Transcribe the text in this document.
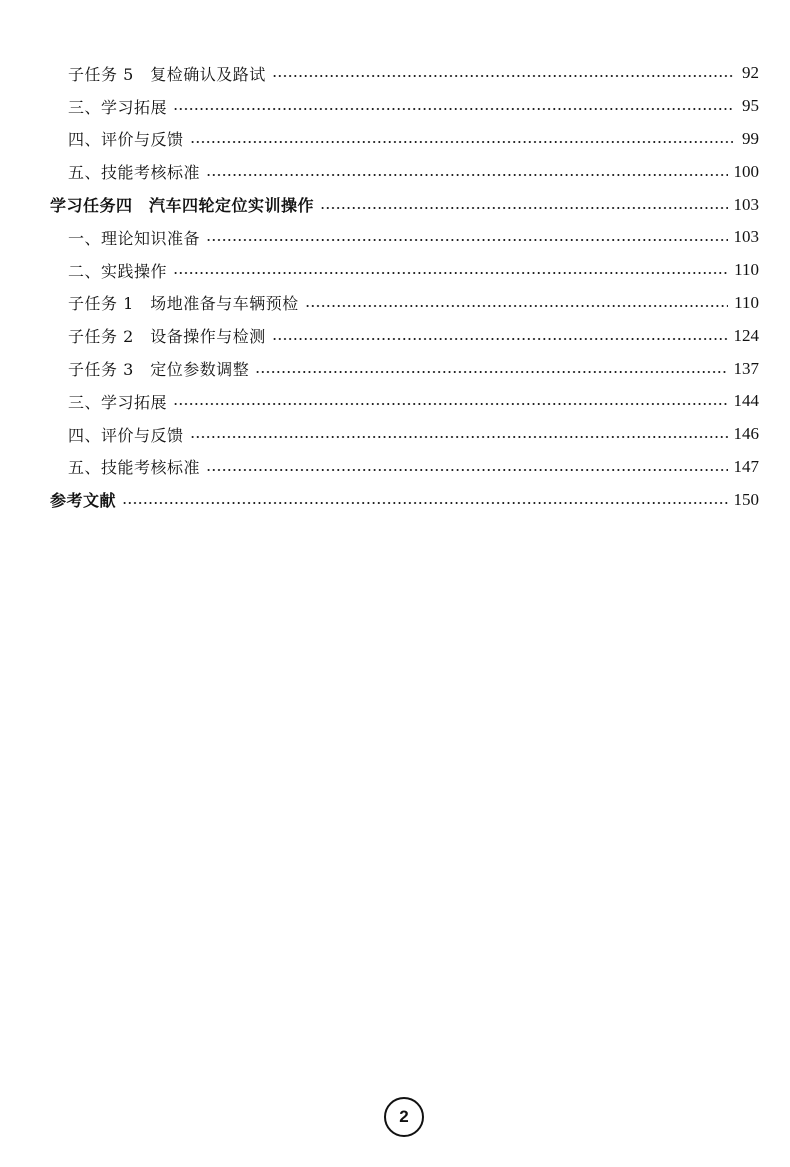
子任务 5　复检确认及路试	92
三、学习拓展	95
四、评价与反馈	99
五、技能考核标准	100
学习任务四　汽车四轮定位实训操作	103
一、理论知识准备	103
二、实践操作	110
子任务 1　场地准备与车辆预检	110
子任务 2　设备操作与检测	124
子任务 3　定位参数调整	137
三、学习拓展	144
四、评价与反馈	146
五、技能考核标准	147
参考文献	150
2
